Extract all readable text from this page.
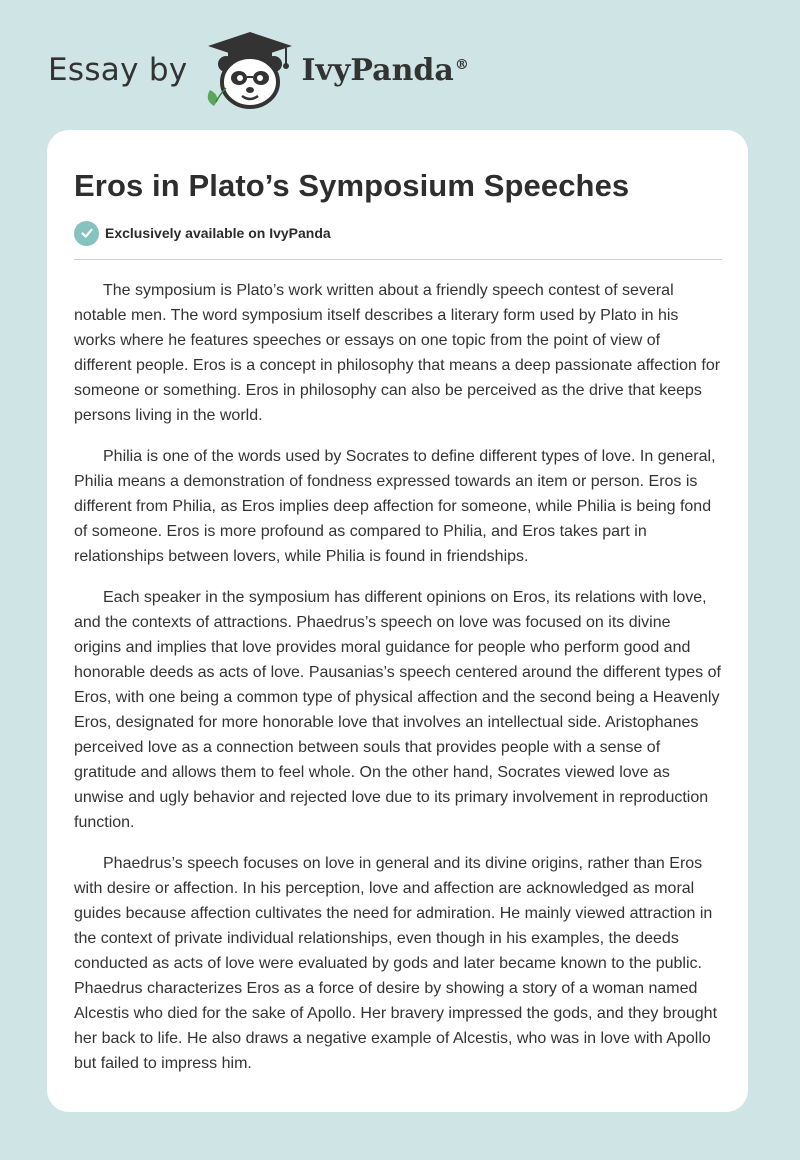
Essay by	IvyPanda®
Eros in Plato’s Symposium Speeches
Exclusively available on IvyPanda

The symposium is Plato’s work written about a friendly speech contest of several notable men. The word symposium itself describes a literary form used by Plato in his works where he features speeches or essays on one topic from the point of view of different people. Eros is a concept in philosophy that means a deep passionate affection for someone or something. Eros in philosophy can also be perceived as the drive that keeps persons living in the world.

Philia is one of the words used by Socrates to define different types of love. In general, Philia means a demonstration of fondness expressed towards an item or person. Eros is different from Philia, as Eros implies deep affection for someone, while Philia is being fond of someone. Eros is more profound as compared to Philia, and Eros takes part in relationships between lovers, while Philia is found in friendships.

Each speaker in the symposium has different opinions on Eros, its relations with love, and the contexts of attractions. Phaedrus’s speech on love was focused on its divine origins and implies that love provides moral guidance for people who perform good and honorable deeds as acts of love. Pausanias’s speech centered around the different types of Eros, with one being a common type of physical affection and the second being a Heavenly Eros, designated for more honorable love that involves an intellectual side. Aristophanes perceived love as a connection between souls that provides people with a sense of gratitude and allows them to feel whole. On the other hand, Socrates viewed love as unwise and ugly behavior and rejected love due to its primary involvement in reproduction function.

Phaedrus’s speech focuses on love in general and its divine origins, rather than Eros with desire or affection. In his perception, love and affection are acknowledged as moral guides because affection cultivates the need for admiration. He mainly viewed attraction in the context of private individual relationships, even though in his examples, the deeds conducted as acts of love were evaluated by gods and later became known to the public. Phaedrus characterizes Eros as a force of desire by showing a story of a woman named Alcestis who died for the sake of Apollo. Her bravery impressed the gods, and they brought her back to life. He also draws a negative example of Alcestis, who was in love with Apollo but failed to impress him.
